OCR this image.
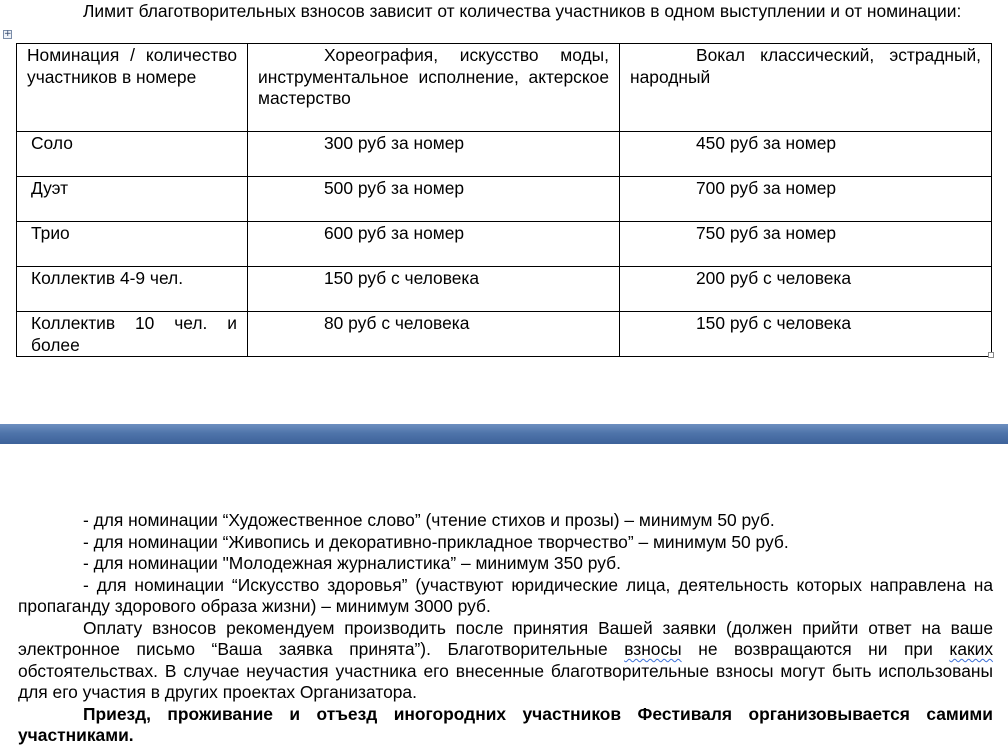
Лимит благотворительных взносов зависит от количества участников в одном выступлении и от номинации:

+
Номинация / количество участников в номере	Хореография, искусство моды, инструментальное исполнение, актерское мастерство	Вокал классический, эстрадный, народный
Соло	300 руб за номер	450 руб за номер

Дуэт	500 руб за номер	700 руб за номер

Трио	600 руб за номер	750 руб за номер

Коллектив 4-9 чел.	150 руб с человека	200 руб с человека

Коллектив 10 чел. и более	80 руб с человека	150 руб с человека

- для номинации “Художественное слово” (чтение стихов и прозы) – минимум 50 руб.

- для номинации “Живопись и декоративно-прикладное творчество” – минимум 50 руб.

- для номинации "Молодежная журналистика” – минимум 350 руб.

- для номинации “Искусство здоровья” (участвуют юридические лица, деятельность которых направлена на пропаганду здорового образа жизни) – минимум 3000 руб.

Оплату взносов рекомендуем производить после принятия Вашей заявки (должен прийти ответ на ваше электронное письмо “Ваша заявка принята”). Благотворительные взносы не возвращаются ни при каких обстоятельствах. В случае неучастия участника его внесенные благотворительные взносы могут быть использованы для его участия в других проектах Организатора.

Приезд, проживание и отъезд иногородних участников Фестиваля организовывается самими участниками.
